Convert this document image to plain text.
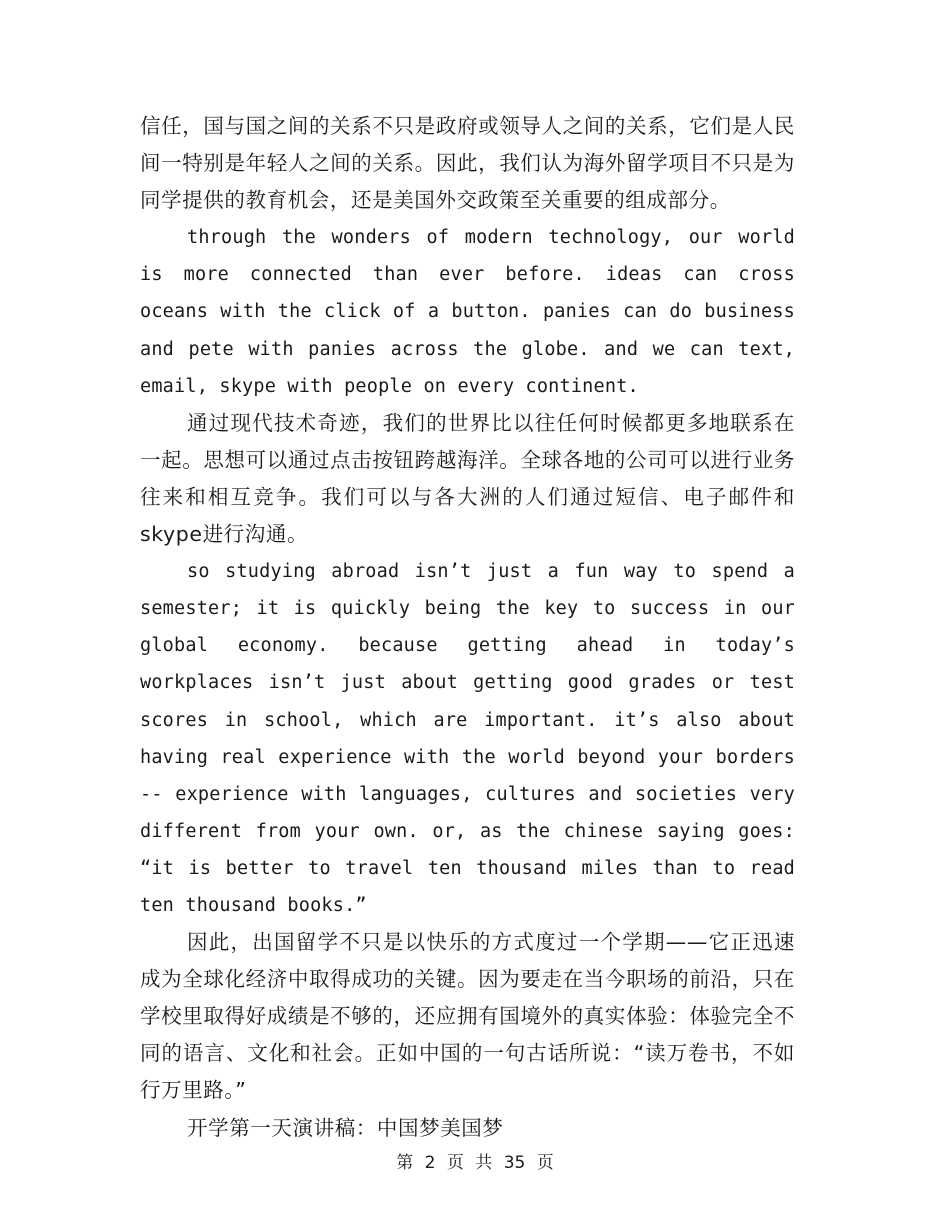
信任，国与国之间的关系不只是政府或领导人之间的关系，它们是人民间一特别是年轻人之间的关系。因此，我们认为海外留学项目不只是为同学提供的教育机会，还是美国外交政策至关重要的组成部分。

through the wonders of modern technology, our world is more connected than ever before. ideas can cross oceans with the click of a button. panies can do business and pete with panies across the globe. and we can text, email, skype with people on every continent.

通过现代技术奇迹，我们的世界比以往任何时候都更多地联系在一起。思想可以通过点击按钮跨越海洋。全球各地的公司可以进行业务往来和相互竞争。我们可以与各大洲的人们通过短信、电子邮件和skype进行沟通。

so studying abroad isn’t just a fun way to spend a semester; it is quickly being the key to success in our global economy. because getting ahead in today’s workplaces isn’t just about getting good grades or test scores in school, which are important. it’s also about having real experience with the world beyond your borders -- experience with languages, cultures and societies very different from your own. or, as the chinese saying goes: “it is better to travel ten thousand miles than to read ten thousand books.”

因此，出国留学不只是以快乐的方式度过一个学期——它正迅速成为全球化经济中取得成功的关键。因为要走在当今职场的前沿，只在学校里取得好成绩是不够的，还应拥有国境外的真实体验：体验完全不同的语言、文化和社会。正如中国的一句古话所说：“读万卷书，不如行万里路。”

开学第一天演讲稿：中国梦美国梦

第 2 页 共 35 页
